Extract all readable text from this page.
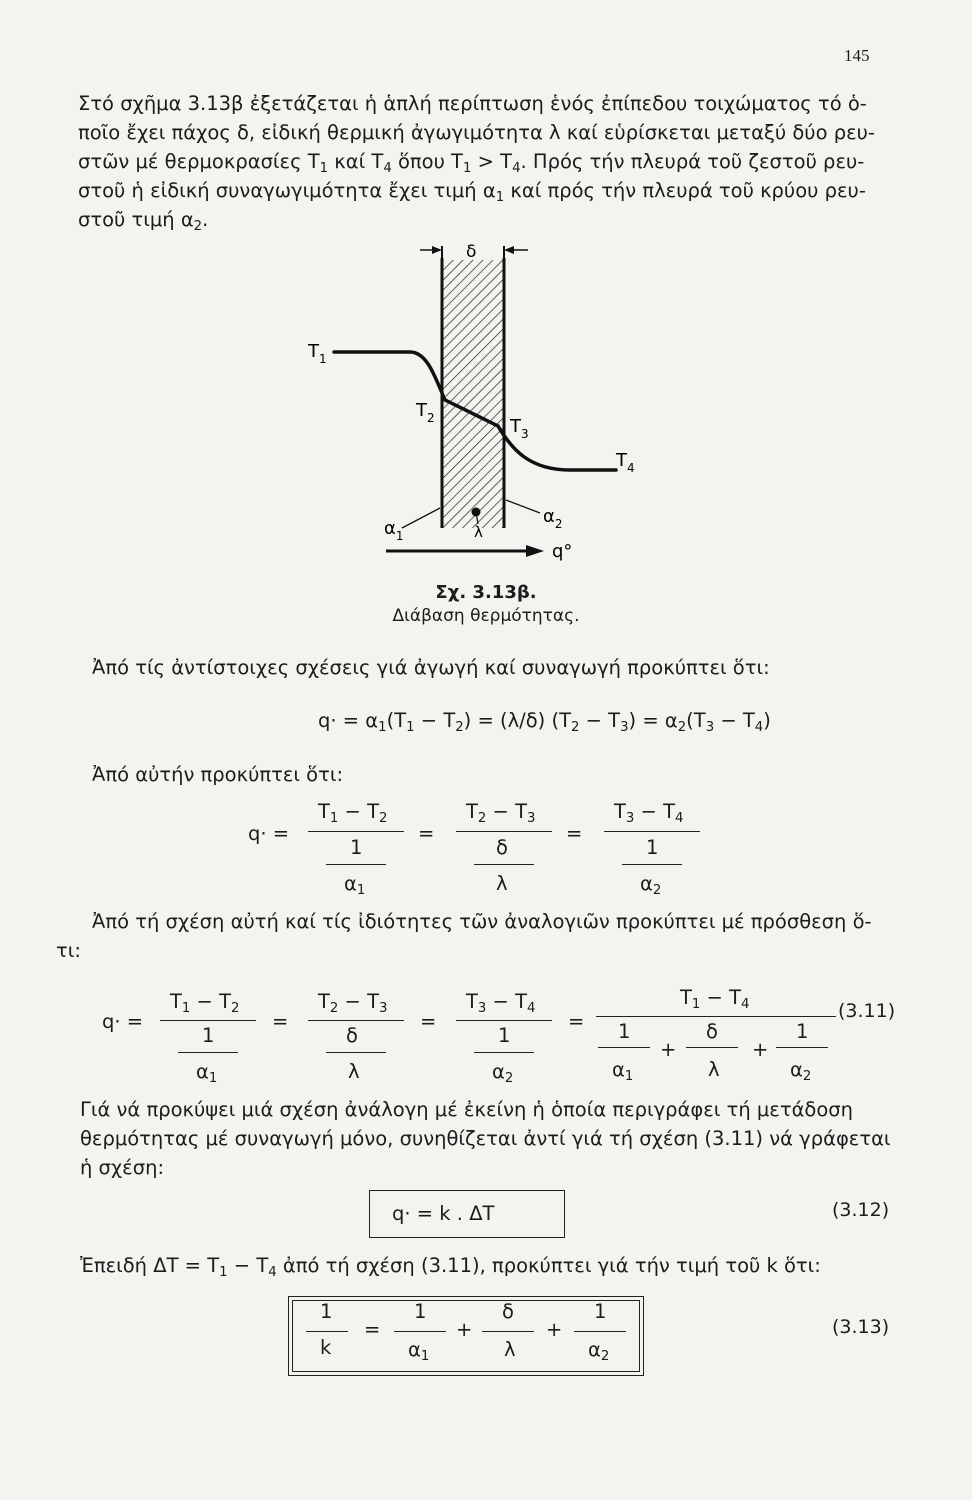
145
Στό σχῆμα 3.13β ἐξετάζεται ἡ ἁπλή περίπτωση ἑνός ἐπίπεδου τοιχώματος τό ὁ-
ποῖο ἔχει πάχος δ, εἰδική θερμική ἀγωγιμότητα λ καί εὑρίσκεται μεταξύ δύο ρευ-
στῶν μέ θερμοκρασίες $T_1$ καί $T_4$ ὅπου $T_1 > T_4$. Πρός τήν πλευρά τοῦ ζεστοῦ ρευ-
στοῦ ἡ εἰδική συναγωγιμότητα ἔχει τιμή $\alpha_1$ καί πρός τήν πλευρά τοῦ κρύου ρευ-
στοῦ τιμή $\alpha_2$.
δ
$T_1$
$T_2$	$T_3$
$T_4$
$\alpha_1$
$\alpha_2$
λ
q°
Σχ. 3.13β.
Διάβαση θερμότητας.
Ἀπό τίς ἀντίστοιχες σχέσεις γιά ἀγωγή καί συναγωγή προκύπτει ὅτι:
$q\cdot = \alpha_1(T_1 - T_2) = (\lambda/\delta) (T_2 - T_3) = \alpha_2(T_3 - T_4)$
Ἀπό αὐτήν προκύπτει ὅτι:
q· =
$T_1 - T_2$
1
$\alpha_1$
=
$T_2 - T_3$
δ
λ
=
$T_3 - T_4$
1
$\alpha_2$
Ἀπό τή σχέση αὐτή καί τίς ἰδιότητες τῶν ἀναλογιῶν προκύπτει μέ πρόσθεση ὅ-
τι:
q· =
$T_1 - T_2$
1
$\alpha_1$
=
$T_2 - T_3$
δ
λ
=
$T_3 - T_4$
1
$\alpha_2$
=
$T_1 - T_4$
1
$\alpha_1$
+
δ
λ
+
1
$\alpha_2$
(3.11)
Γιά νά προκύψει μιά σχέση ἀνάλογη μέ ἐκείνη ἡ ὁποία περιγράφει τή μετάδοση
θερμότητας μέ συναγωγή μόνο, συνηθίζεται ἀντί γιά τή σχέση (3.11) νά γράφεται
ἡ σχέση:
q· = k . ΔT	(3.12)
Ἐπειδή $\Delta T = T_1 - T_4$ ἀπό τή σχέση (3.11), προκύπτει γιά τήν τιμή τοῦ k ὅτι:
1
k
=
1
$\alpha_1$
+
δ
λ
+
1
$\alpha_2$
(3.13)
